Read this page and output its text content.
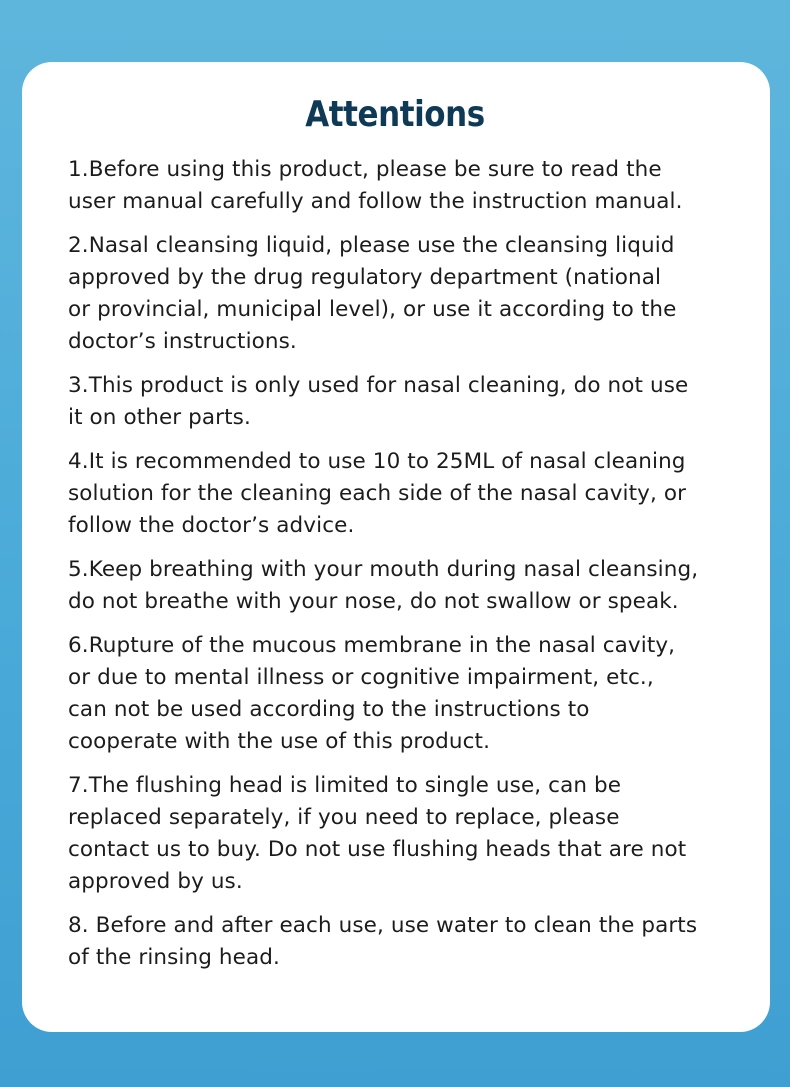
Attentions
1.Before using this product, please be sure to read the
user manual carefully and follow the instruction manual.
2.Nasal cleansing liquid, please use the cleansing liquid
approved by the drug regulatory department (national
or provincial, municipal level), or use it according to the
doctor’s instructions.
3.This product is only used for nasal cleaning, do not use
it on other parts.
4.It is recommended to use 10 to 25ML of nasal cleaning
solution for the cleaning each side of the nasal cavity, or
follow the doctor’s advice.
5.Keep breathing with your mouth during nasal cleansing,
do not breathe with your nose, do not swallow or speak.
6.Rupture of the mucous membrane in the nasal cavity,
or due to mental illness or cognitive impairment, etc.,
can not be used according to the instructions to
cooperate with the use of this product.
7.The flushing head is limited to single use, can be
replaced separately, if you need to replace, please
contact us to buy. Do not use flushing heads that are not
approved by us.
8. Before and after each use, use water to clean the parts
of the rinsing head.
